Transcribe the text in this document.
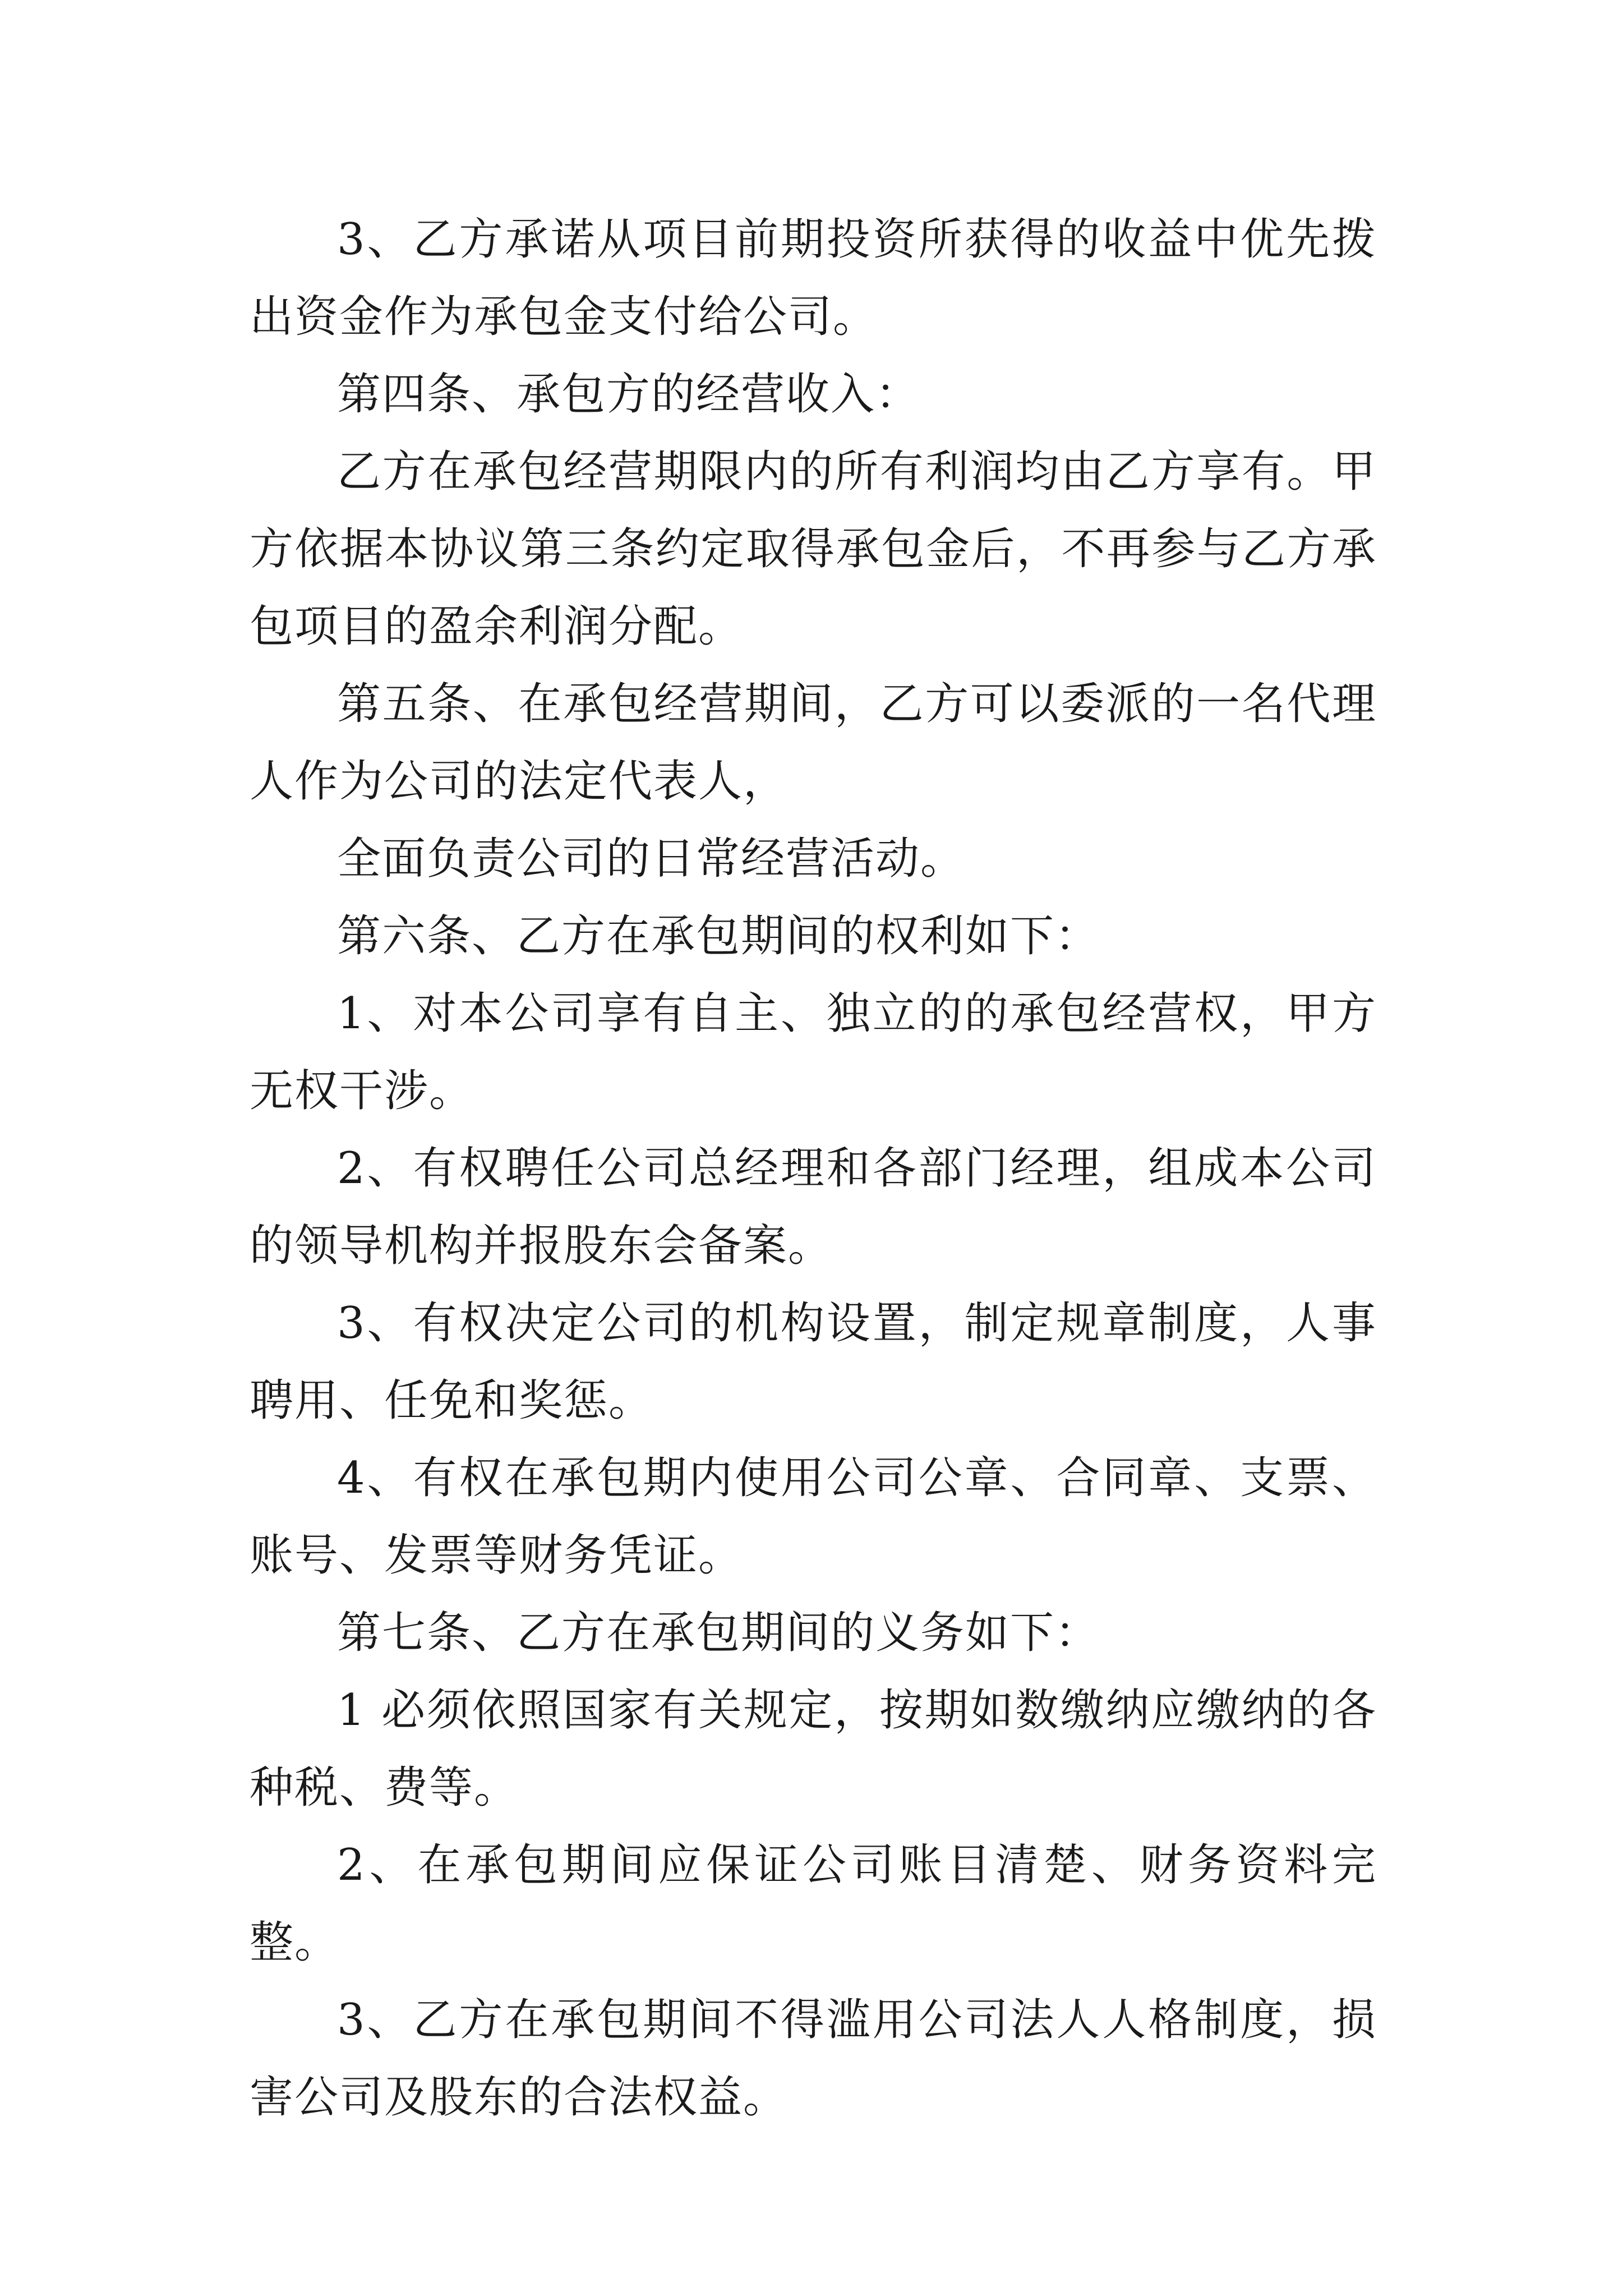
3、乙方承诺从项目前期投资所获得的收益中优先拨出资金作为承包金支付给公司。

第四条、承包方的经营收入：

乙方在承包经营期限内的所有利润均由乙方享有。甲方依据本协议第三条约定取得承包金后，不再参与乙方承包项目的盈余利润分配。

第五条、在承包经营期间，乙方可以委派的一名代理人作为公司的法定代表人，

全面负责公司的日常经营活动。

第六条、乙方在承包期间的权利如下：

1、对本公司享有自主、独立的的承包经营权，甲方无权干涉。

2、有权聘任公司总经理和各部门经理，组成本公司的领导机构并报股东会备案。

3、有权决定公司的机构设置，制定规章制度，人事聘用、任免和奖惩。

4、有权在承包期内使用公司公章、合同章、支票、账号、发票等财务凭证。

第七条、乙方在承包期间的义务如下：

1 必须依照国家有关规定，按期如数缴纳应缴纳的各种税、费等。

2、在承包期间应保证公司账目清楚、财务资料完整。

3、乙方在承包期间不得滥用公司法人人格制度，损害公司及股东的合法权益。
